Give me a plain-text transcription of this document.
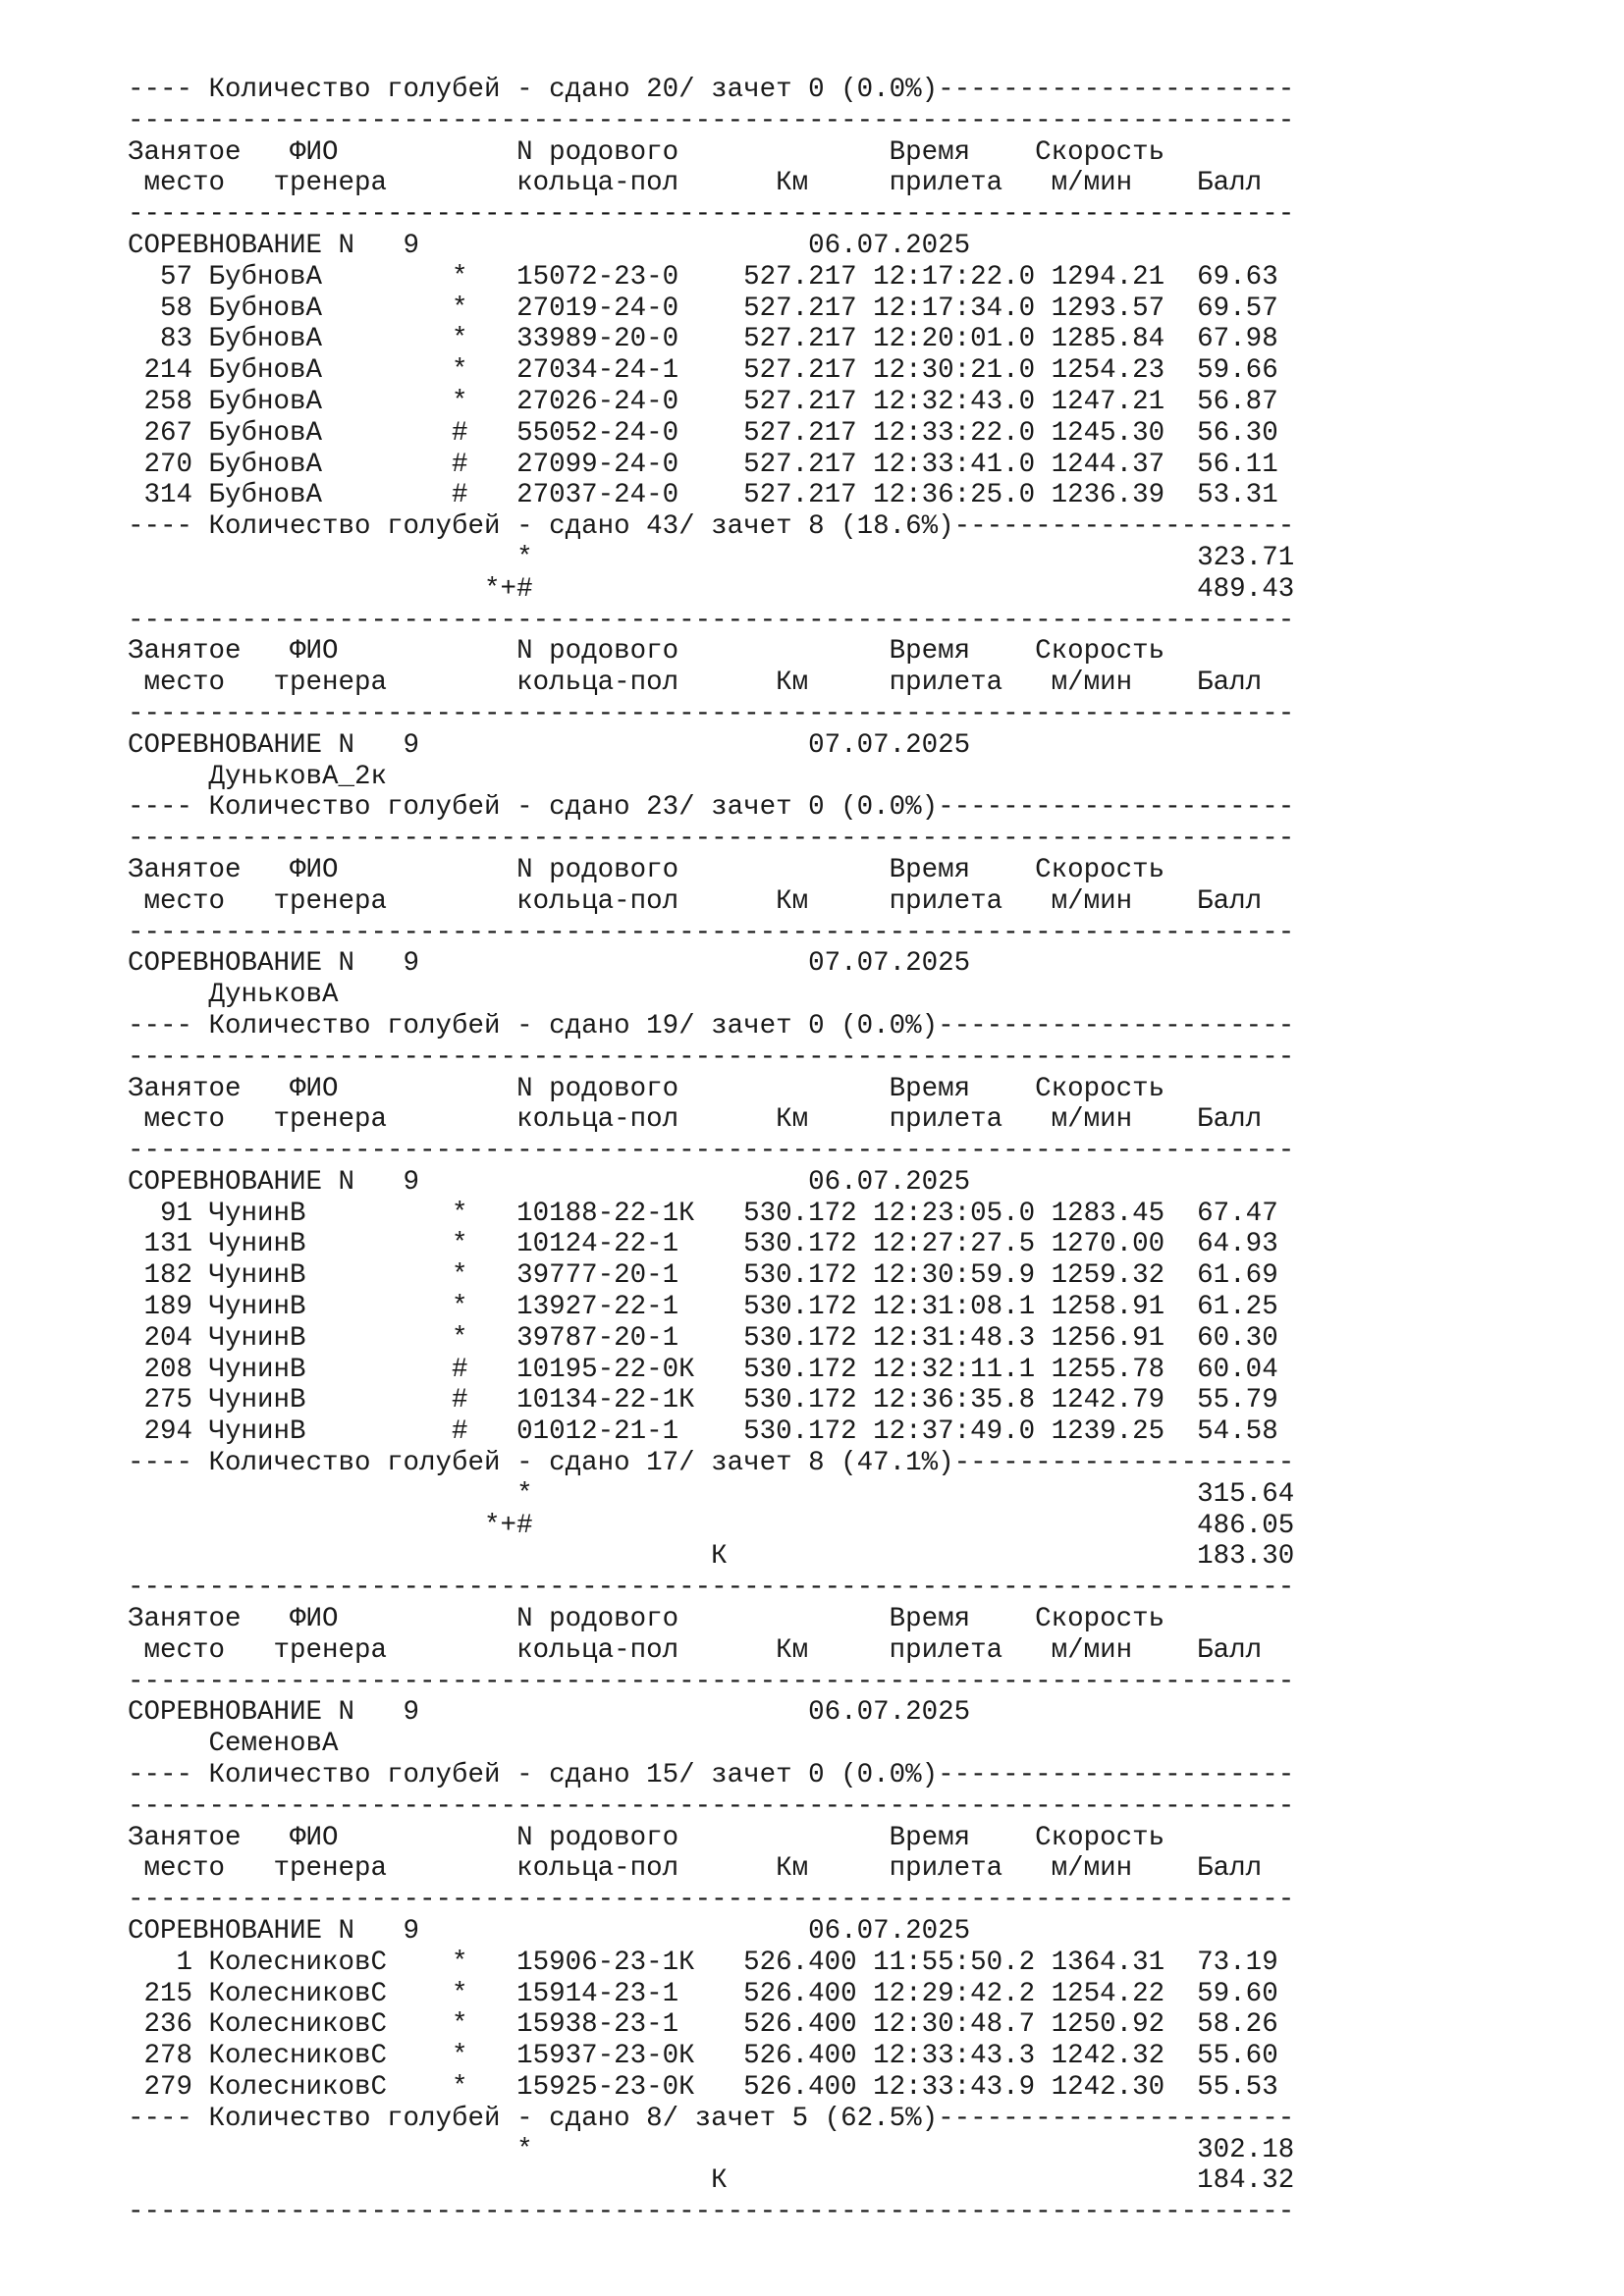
---- Количество голубей - сдано 20/ зачет 0 (0.0%)----------------------
------------------------------------------------------------------------
Занятое   ФИО           N родового             Время    Скорость
место   тренера        кольца-пол      Км     прилета   м/мин    Балл
------------------------------------------------------------------------
СОРЕВНОВАНИЕ N   9                        06.07.2025
57 БубновА        *   15072-23-0    527.217 12:17:22.0 1294.21  69.63
58 БубновА        *   27019-24-0    527.217 12:17:34.0 1293.57  69.57
83 БубновА        *   33989-20-0    527.217 12:20:01.0 1285.84  67.98
214 БубновА        *   27034-24-1    527.217 12:30:21.0 1254.23  59.66
258 БубновА        *   27026-24-0    527.217 12:32:43.0 1247.21  56.87
267 БубновА        #   55052-24-0    527.217 12:33:22.0 1245.30  56.30
270 БубновА        #   27099-24-0    527.217 12:33:41.0 1244.37  56.11
314 БубновА        #   27037-24-0    527.217 12:36:25.0 1236.39  53.31
---- Количество голубей - сдано 43/ зачет 8 (18.6%)---------------------
*                                         323.71
*+#                                         489.43
------------------------------------------------------------------------
Занятое   ФИО           N родового             Время    Скорость
место   тренера        кольца-пол      Км     прилета   м/мин    Балл
------------------------------------------------------------------------
СОРЕВНОВАНИЕ N   9                        07.07.2025
ДуньковА_2к
---- Количество голубей - сдано 23/ зачет 0 (0.0%)----------------------
------------------------------------------------------------------------
Занятое   ФИО           N родового             Время    Скорость
место   тренера        кольца-пол      Км     прилета   м/мин    Балл
------------------------------------------------------------------------
СОРЕВНОВАНИЕ N   9                        07.07.2025
ДуньковА
---- Количество голубей - сдано 19/ зачет 0 (0.0%)----------------------
------------------------------------------------------------------------
Занятое   ФИО           N родового             Время    Скорость
место   тренера        кольца-пол      Км     прилета   м/мин    Балл
------------------------------------------------------------------------
СОРЕВНОВАНИЕ N   9                        06.07.2025
91 ЧунинВ         *   10188-22-1К   530.172 12:23:05.0 1283.45  67.47
131 ЧунинВ         *   10124-22-1    530.172 12:27:27.5 1270.00  64.93
182 ЧунинВ         *   39777-20-1    530.172 12:30:59.9 1259.32  61.69
189 ЧунинВ         *   13927-22-1    530.172 12:31:08.1 1258.91  61.25
204 ЧунинВ         *   39787-20-1    530.172 12:31:48.3 1256.91  60.30
208 ЧунинВ         #   10195-22-0К   530.172 12:32:11.1 1255.78  60.04
275 ЧунинВ         #   10134-22-1К   530.172 12:36:35.8 1242.79  55.79
294 ЧунинВ         #   01012-21-1    530.172 12:37:49.0 1239.25  54.58
---- Количество голубей - сдано 17/ зачет 8 (47.1%)---------------------
*                                         315.64
*+#                                         486.05
К                             183.30
------------------------------------------------------------------------
Занятое   ФИО           N родового             Время    Скорость
место   тренера        кольца-пол      Км     прилета   м/мин    Балл
------------------------------------------------------------------------
СОРЕВНОВАНИЕ N   9                        06.07.2025
СеменовА
---- Количество голубей - сдано 15/ зачет 0 (0.0%)----------------------
------------------------------------------------------------------------
Занятое   ФИО           N родового             Время    Скорость
место   тренера        кольца-пол      Км     прилета   м/мин    Балл
------------------------------------------------------------------------
СОРЕВНОВАНИЕ N   9                        06.07.2025
1 КолесниковС    *   15906-23-1К   526.400 11:55:50.2 1364.31  73.19
215 КолесниковС    *   15914-23-1    526.400 12:29:42.2 1254.22  59.60
236 КолесниковС    *   15938-23-1    526.400 12:30:48.7 1250.92  58.26
278 КолесниковС    *   15937-23-0К   526.400 12:33:43.3 1242.32  55.60
279 КолесниковС    *   15925-23-0К   526.400 12:33:43.9 1242.30  55.53
---- Количество голубей - сдано 8/ зачет 5 (62.5%)----------------------
*                                         302.18
К                             184.32
------------------------------------------------------------------------
